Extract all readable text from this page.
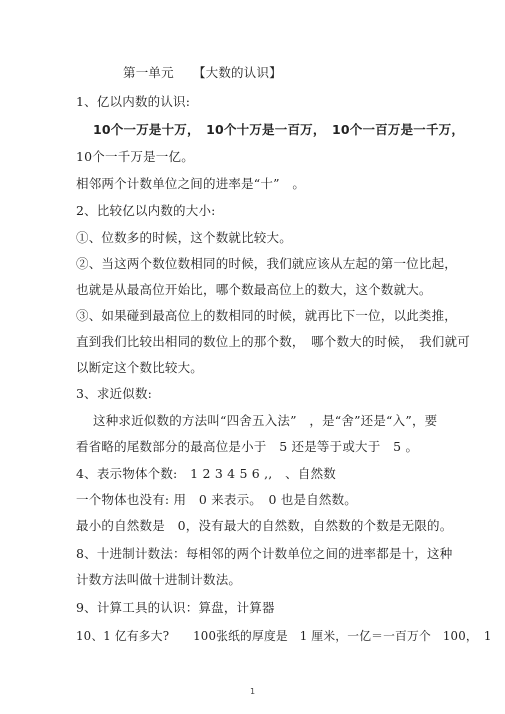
第一单元　　【大数的认识】
1、亿以内数的认识:
10个一万是十万，　10个十万是一百万，　10个一百万是一千万，
10个一千万是一亿。
相邻两个计数单位之间的进率是“十”　。
2、比较亿以内数的大小:
①、位数多的时候，这个数就比较大。
②、当这两个数位数相同的时候，我们就应该从左起的第一位比起，
也就是从最高位开始比，哪个数最高位上的数大，这个数就大。
③、如果碰到最高位上的数相同的时候，就再比下一位，以此类推，
直到我们比较出相同的数位上的那个数，　哪个数大的时候，　我们就可
以断定这个数比较大。
3、求近似数:
这种求近似数的方法叫“四舍五入法”　，是“舍”还是“入”，要
看省略的尾数部分的最高位是小于　5 还是等于或大于　5 。
4、表示物体个数:　1 2 3 4 5 6 ,,　、自然数
一个物体也没有: 用　0 来表示。　0 也是自然数。
最小的自然数是　0，没有最大的自然数，自然数的个数是无限的。
8、十进制计数法：每相邻的两个计数单位之间的进率都是十，这种
计数方法叫做十进制计数法。
9、计算工具的认识：算盘，计算器
10、1 亿有多大?　　100张纸的厚度是　1 厘米，一亿＝一百万个　100，　1
1
